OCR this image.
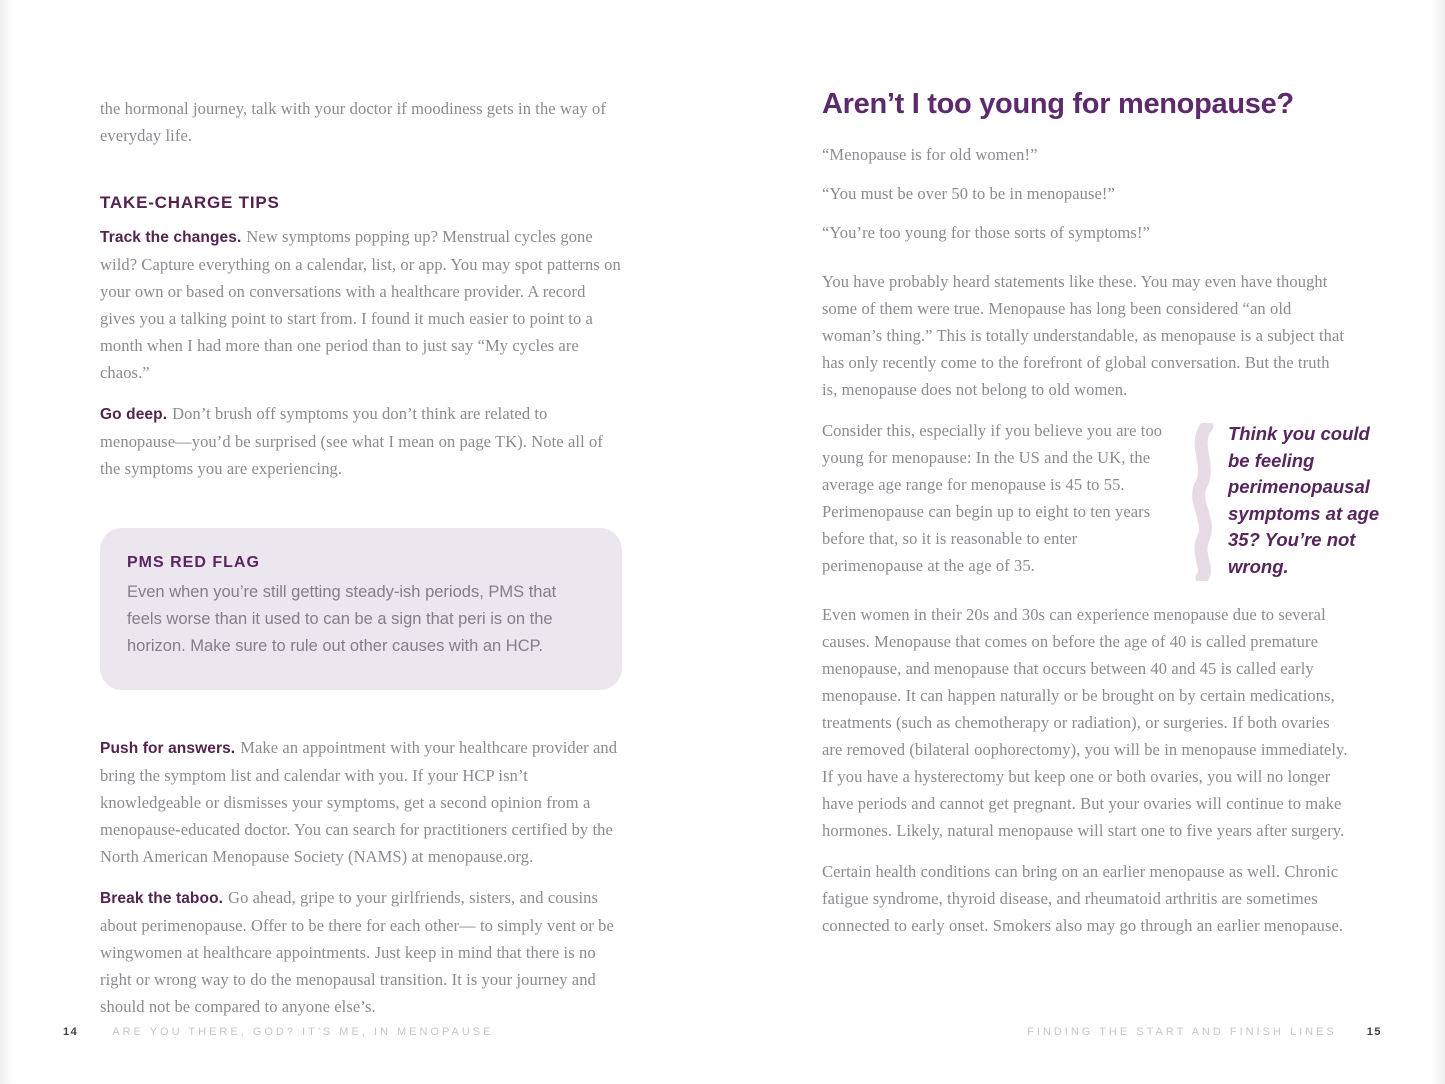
the hormonal journey, talk with your doctor if moodiness gets in the way of everyday life.

TAKE-CHARGE TIPS

Track the changes. New symptoms popping up? Menstrual cycles gone wild? Capture everything on a calendar, list, or app. You may spot patterns on your own or based on conversations with a healthcare provider. A record gives you a talking point to start from. I found it much easier to point to a month when I had more than one period than to just say “My cycles are chaos.”

Go deep. Don’t brush off symptoms you don’t think are related to menopause—you’d be surprised (see what I mean on page TK). Note all of the symptoms you are experiencing.

PMS RED FLAG
Even when you’re still getting steady-ish periods, PMS that feels worse than it used to can be a sign that peri is on the horizon. Make sure to rule out other causes with an HCP.

Push for answers. Make an appointment with your healthcare provider and bring the symptom list and calendar with you. If your HCP isn’t knowledgeable or dismisses your symptoms, get a second opinion from a menopause-educated doctor. You can search for practitioners certified by the North American Menopause Society (NAMS) at menopause.org.

Break the taboo. Go ahead, gripe to your girlfriends, sisters, and cousins about perimenopause. Offer to be there for each other— to simply vent or be wingwomen at healthcare appointments. Just keep in mind that there is no right or wrong way to do the menopausal transition. It is your journey and should not be compared to anyone else’s.

Aren’t I too young for menopause?

“Menopause is for old women!”

“You must be over 50 to be in menopause!”

“You’re too young for those sorts of symptoms!”

You have probably heard statements like these. You may even have thought some of them were true. Menopause has long been considered “an old woman’s thing.” This is totally understandable, as menopause is a subject that has only recently come to the forefront of global conversation. But the truth is, menopause does not belong to old women.

Consider this, especially if you believe you are too young for menopause: In the US and the UK, the average age range for menopause is 45 to 55. Perimenopause can begin up to eight to ten years before that, so it is reasonable to enter perimenopause at the age of 35.

Think you could be feeling perimenopausal symptoms at age 35? You’re not wrong.

Even women in their 20s and 30s can experience menopause due to several causes. Menopause that comes on before the age of 40 is called premature menopause, and menopause that occurs between 40 and 45 is called early menopause. It can happen naturally or be brought on by certain medications, treatments (such as chemotherapy or radiation), or surgeries. If both ovaries are removed (bilateral oophorectomy), you will be in menopause immediately. If you have a hysterectomy but keep one or both ovaries, you will no longer have periods and cannot get pregnant. But your ovaries will continue to make hormones. Likely, natural menopause will start one to five years after surgery.

Certain health conditions can bring on an earlier menopause as well. Chronic fatigue syndrome, thyroid disease, and rheumatoid arthritis are sometimes connected to early onset. Smokers also may go through an earlier menopause.

14	ARE YOU THERE, GOD? IT'S ME, IN MENOPAUSE	FINDING THE START AND FINISH LINES	15
